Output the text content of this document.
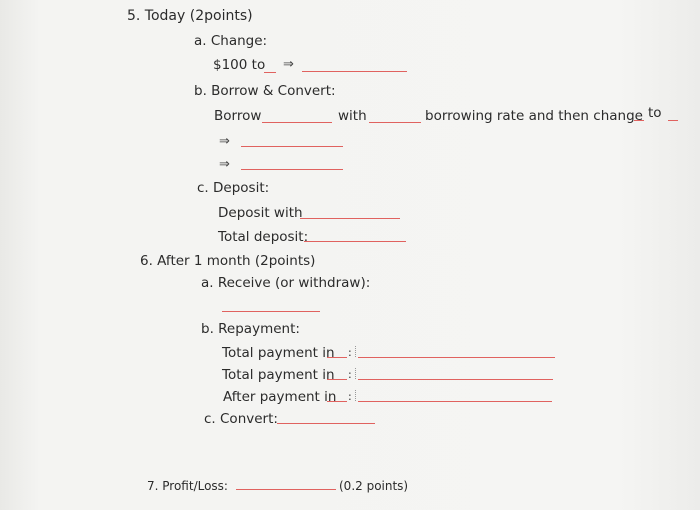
5. Today (2points)
a. Change:
$100 to ⇒
b. Borrow & Convert:
Borrow	with	borrowing rate and then change to
⇒
⇒
c. Deposit:
Deposit with
Total deposit:
6. After 1 month (2points)
a. Receive (or withdraw):
b. Repayment:
Total payment in :
Total payment in :
After payment in :
c. Convert:
7. Profit/Loss:	(0.2 points)
